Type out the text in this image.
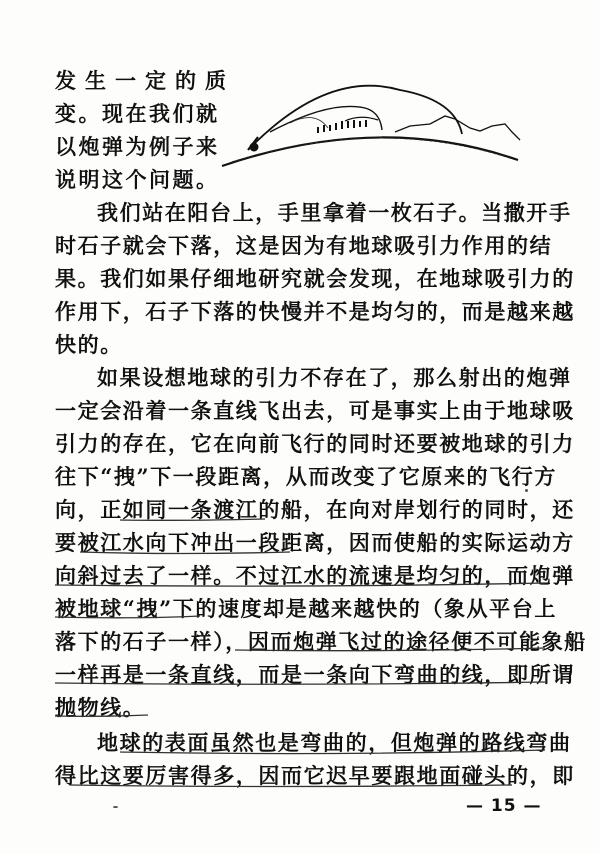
发生一定的质
变。现在我们就
以炮弹为例子来
说明这个问题。
我们站在阳台上，手里拿着一枚石子。当撒开手
时石子就会下落，这是因为有地球吸引力作用的结
果。我们如果仔细地研究就会发现，在地球吸引力的
作用下，石子下落的快慢并不是均匀的，而是越来越
快的。
如果设想地球的引力不存在了，那么射出的炮弹
一定会沿着一条直线飞出去，可是事实上由于地球吸
引力的存在，它在向前飞行的同时还要被地球的引力
往下“拽”下一段距离，从而改变了它原来的飞行方
向，正如同一条渡江的船，在向对岸划行的同时，还
要被江水向下冲出一段距离，因而使船的实际运动方
向斜过去了一样。不过江水的流速是均匀的，而炮弹
被地球“拽”下的速度却是越来越快的（象从平台上
落下的石子一样），因而炮弹飞过的途径便不可能象船
一样再是一条直线，而是一条向下弯曲的线，即所谓
抛物线。
地球的表面虽然也是弯曲的，但炮弹的路线弯曲
得比这要厉害得多，因而它迟早要跟地面碰头的，即
— 15 —
